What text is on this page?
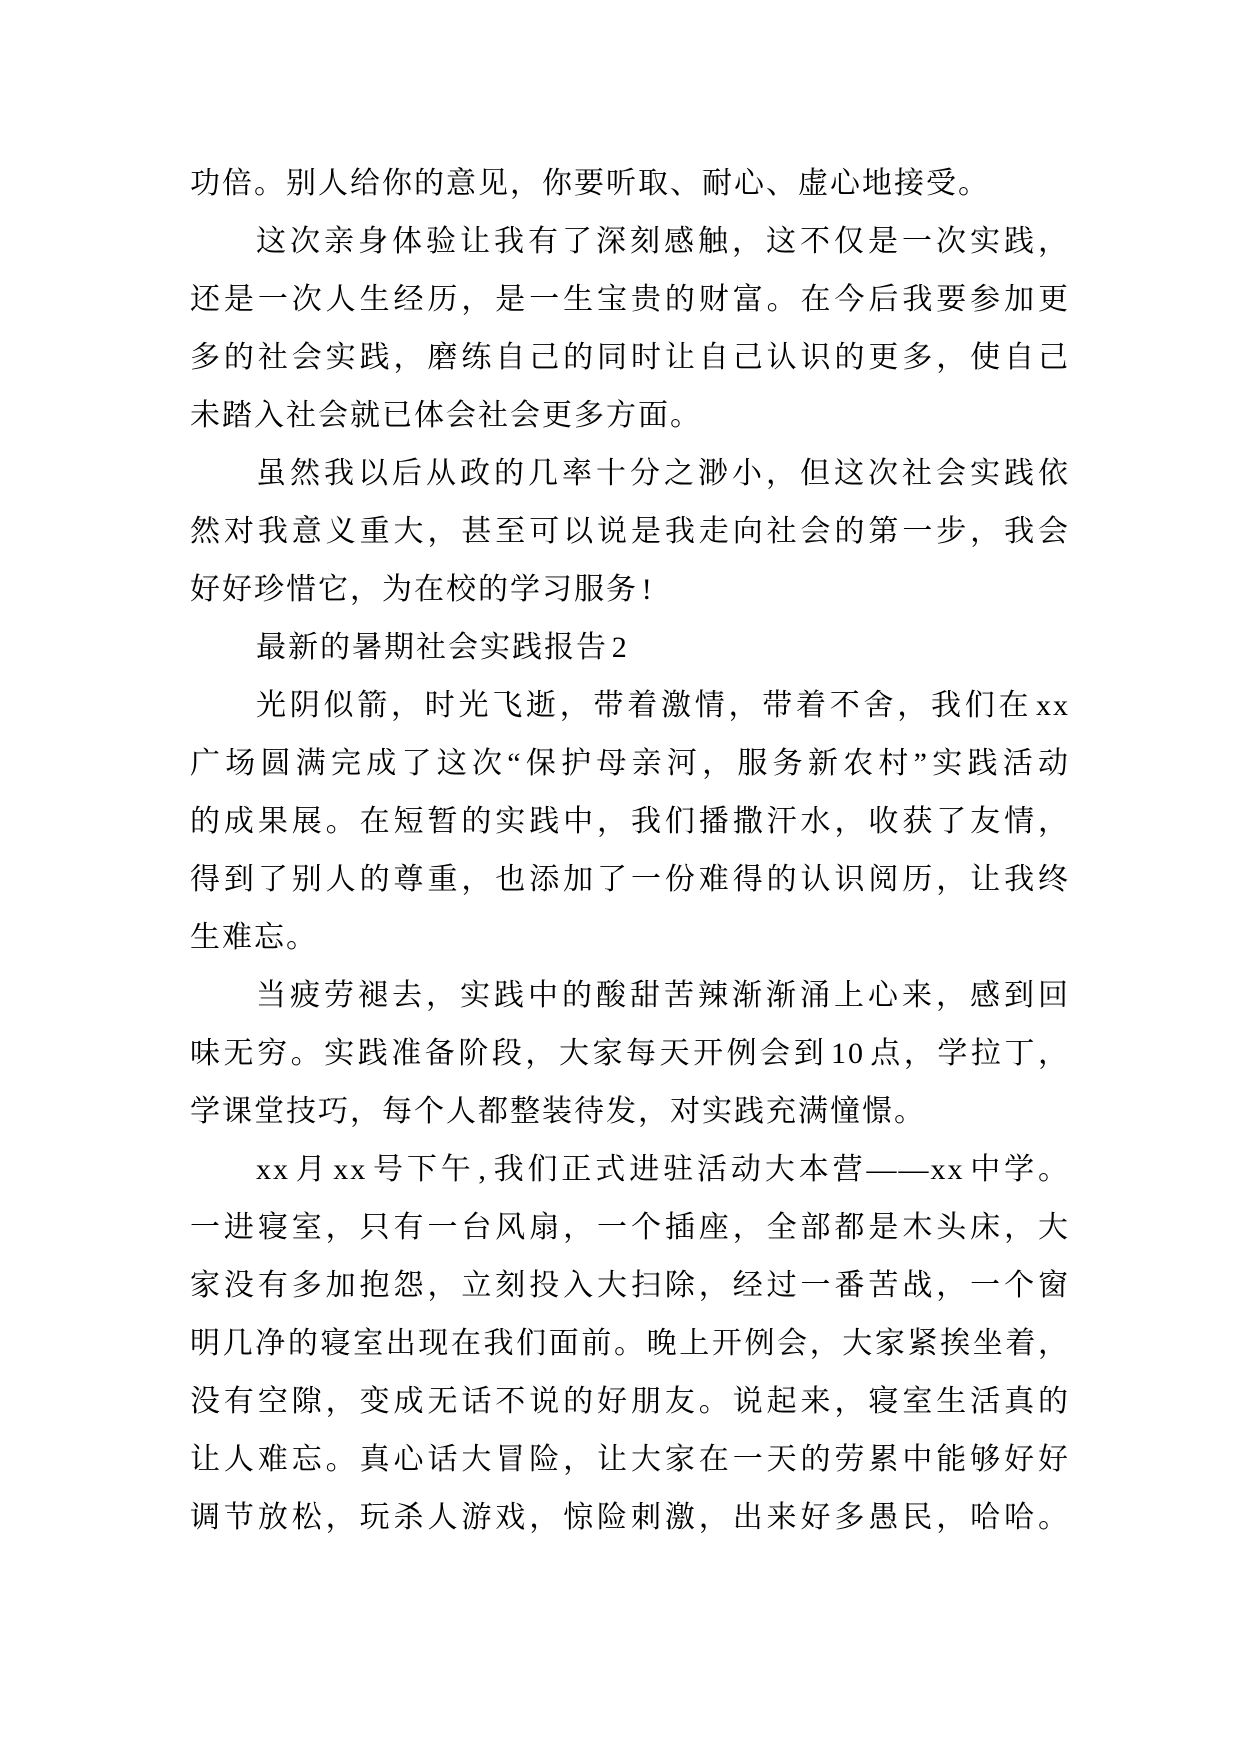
功倍。别人给你的意见，你要听取、耐心、虚心地接受。
这次亲身体验让我有了深刻感触，这不仅是一次实践，
还是一次人生经历，是一生宝贵的财富。在今后我要参加更
多的社会实践，磨练自己的同时让自己认识的更多，使自己
未踏入社会就已体会社会更多方面。
虽然我以后从政的几率十分之渺小，但这次社会实践依
然对我意义重大，甚至可以说是我走向社会的第一步，我会
好好珍惜它，为在校的学习服务!
最新的暑期社会实践报告2
光阴似箭，时光飞逝，带着激情，带着不舍，我们在xx
广场圆满完成了这次“保护母亲河，服务新农村”实践活动
的成果展。在短暂的实践中，我们播撒汗水，收获了友情，
得到了别人的尊重，也添加了一份难得的认识阅历，让我终
生难忘。
当疲劳褪去，实践中的酸甜苦辣渐渐涌上心来，感到回
味无穷。实践准备阶段，大家每天开例会到10点，学拉丁，
学课堂技巧，每个人都整装待发，对实践充满憧憬。
xx月xx号下午,我们正式进驻活动大本营——xx中学。
一进寝室，只有一台风扇，一个插座，全部都是木头床，大
家没有多加抱怨，立刻投入大扫除，经过一番苦战，一个窗
明几净的寝室出现在我们面前。晚上开例会，大家紧挨坐着，
没有空隙，变成无话不说的好朋友。说起来，寝室生活真的
让人难忘。真心话大冒险，让大家在一天的劳累中能够好好
调节放松，玩杀人游戏，惊险刺激，出来好多愚民，哈哈。
